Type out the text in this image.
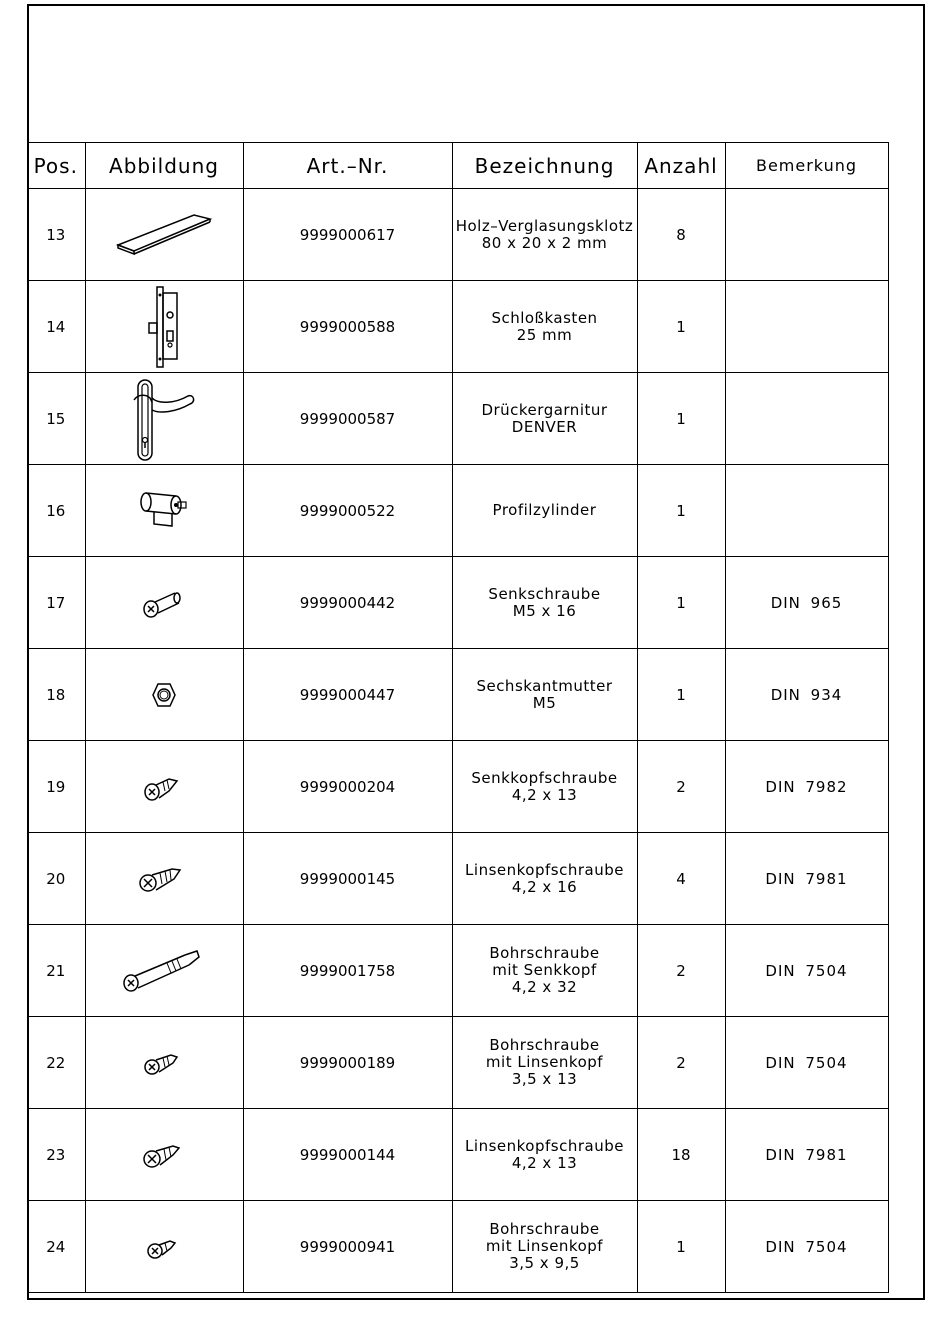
Pos.	Abbildung	Art.–Nr.	Bezeichnung	Anzahl	Bemerkung
13		9999000617	Holz–Verglasungsklotz
80 x 20 x 2 mm	8	
14		9999000588	Schloßkasten
25 mm	1	
15		9999000587	Drückergarnitur
DENVER	1	
16		9999000522	Profilzylinder	1	
17		9999000442	Senkschraube
M5 x 16	1	DIN 965
18		9999000447	Sechskantmutter
M5	1	DIN 934
19		9999000204	Senkkopfschraube
4,2 x 13	2	DIN 7982
20		9999000145	Linsenkopfschraube
4,2 x 16	4	DIN 7981
21		9999001758	Bohrschraube
mit Senkkopf
4,2 x 32	2	DIN 7504
22		9999000189	Bohrschraube
mit Linsenkopf
3,5 x 13	2	DIN 7504
23		9999000144	Linsenkopfschraube
4,2 x 13	18	DIN 7981
24		9999000941	Bohrschraube
mit Linsenkopf
3,5 x 9,5	1	DIN 7504
